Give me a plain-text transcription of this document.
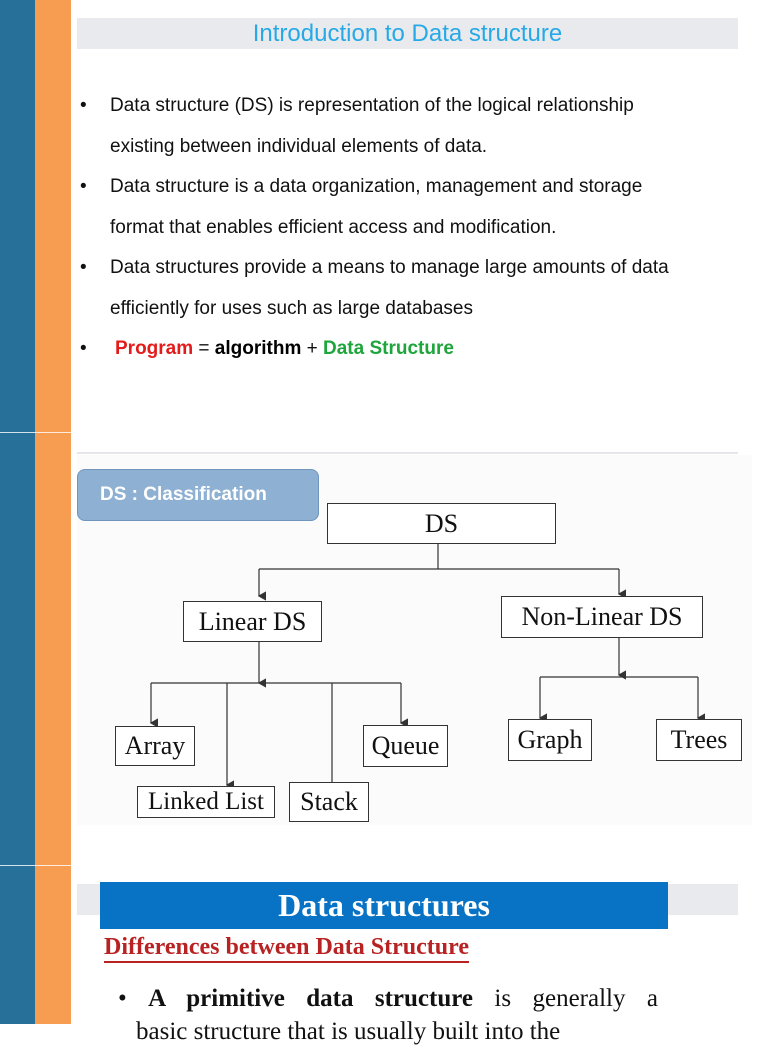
Introduction to Data structure
• Data structure (DS) is representation of the logical relationship
existing between individual elements of data.
• Data structure is a data organization, management and storage
format that enables efficient access and modification.
• Data structures provide a means to manage large amounts of data
efficiently for uses such as large databases
• Program = algorithm + Data Structure
DS : Classification
DS
Linear DS	Non-Linear DS
Array
Linked List	Stack
Queue	Graph	Trees
Data structures
Differences between Data Structure
• A primitive data structure is generally a
basic structure that is usually built into the
